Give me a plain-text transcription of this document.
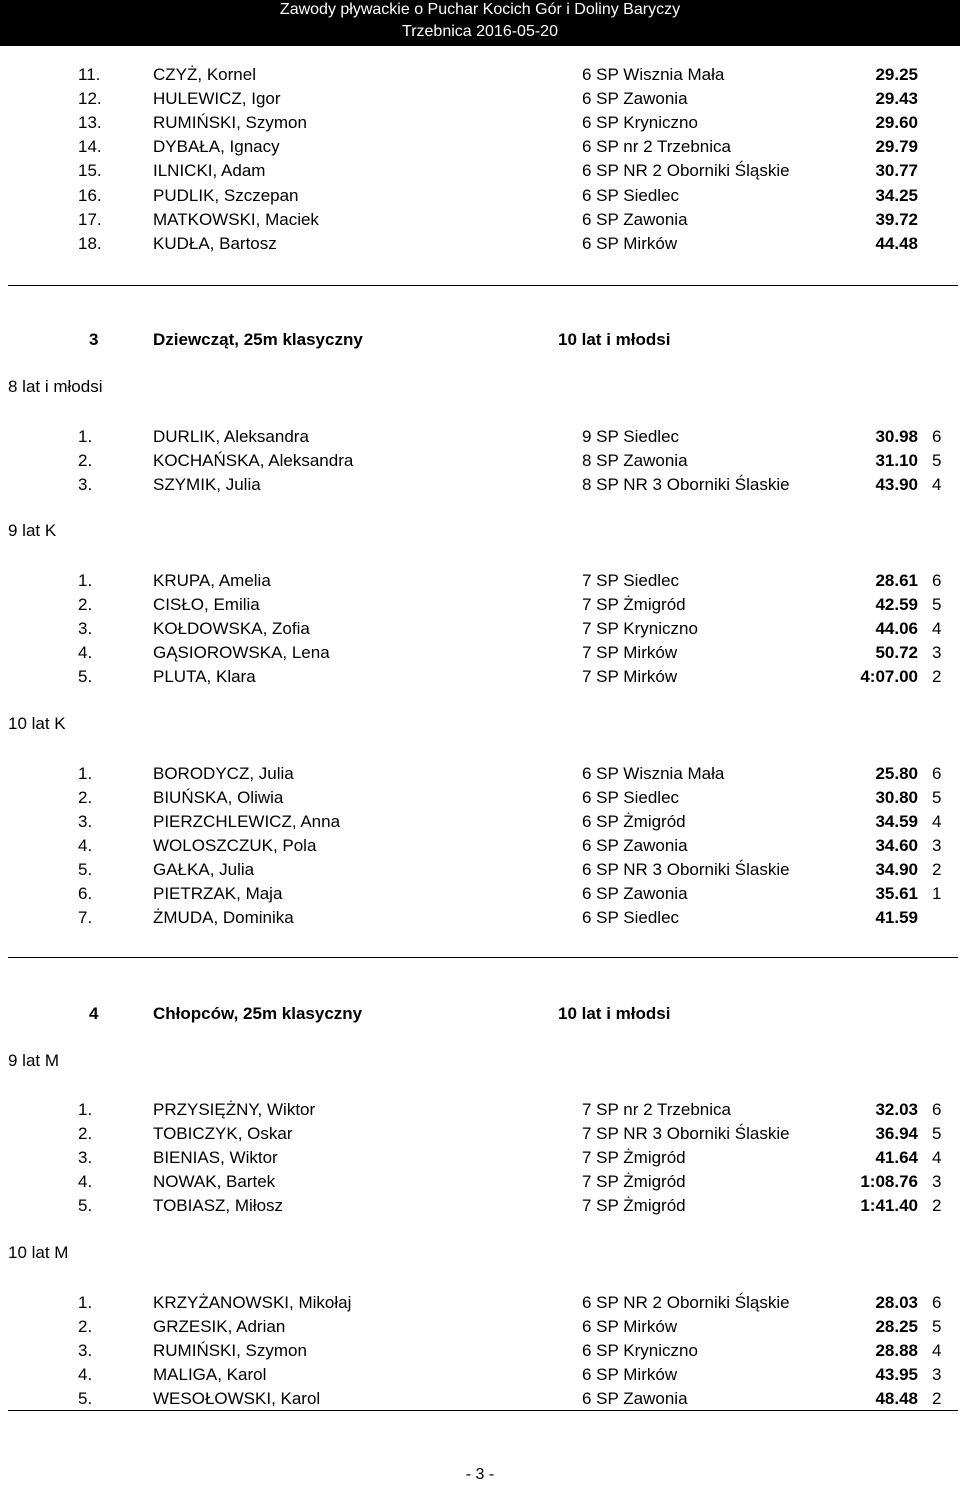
Zawody pływackie o Puchar Kocich Gór i Doliny Baryczy
Trzebnica 2016-05-20
11.	CZYŻ, Kornel	6 SP Wisznia Mała	29.25
12.	HULEWICZ, Igor	6 SP Zawonia	29.43
13.	RUMIŃSKI, Szymon	6 SP Kryniczno	29.60
14.	DYBAŁA, Ignacy	6 SP nr 2 Trzebnica	29.79
15.	ILNICKI, Adam	6 SP NR 2 Oborniki Śląskie	30.77
16.	PUDLIK, Szczepan	6 SP Siedlec	34.25
17.	MATKOWSKI, Maciek	6 SP Zawonia	39.72
18.	KUDŁA, Bartosz	6 SP Mirków	44.48
3	Dziewcząt, 25m klasyczny	10 lat i młodsi
8 lat i młodsi
1.	DURLIK, Aleksandra	9 SP Siedlec	30.98 6
2.	KOCHAŃSKA, Aleksandra	8 SP Zawonia	31.10 5
3.	SZYMIK, Julia	8 SP NR 3 Oborniki Ślaskie	43.90 4
9 lat K
1.	KRUPA, Amelia	7 SP Siedlec	28.61 6
2.	CISŁO, Emilia	7 SP Żmigród	42.59 5
3.	KOŁDOWSKA, Zofia	7 SP Kryniczno	44.06 4
4.	GĄSIOROWSKA, Lena	7 SP Mirków	50.72 3
5.	PLUTA, Klara	7 SP Mirków	4:07.00 2
10 lat K
1.	BORODYCZ, Julia	6 SP Wisznia Mała	25.80 6
2.	BIUŃSKA, Oliwia	6 SP Siedlec	30.80 5
3.	PIERZCHLEWICZ, Anna	6 SP Żmigród	34.59 4
4.	WOLOSZCZUK, Pola	6 SP Zawonia	34.60 3
5.	GAŁKA, Julia	6 SP NR 3 Oborniki Ślaskie	34.90 2
6.	PIETRZAK, Maja	6 SP Zawonia	35.61 1
7.	ŻMUDA, Dominika	6 SP Siedlec	41.59
4	Chłopców, 25m klasyczny	10 lat i młodsi
9 lat M
1.	PRZYSIĘŻNY, Wiktor	7 SP nr 2 Trzebnica	32.03 6
2.	TOBICZYK, Oskar	7 SP NR 3 Oborniki Ślaskie	36.94 5
3.	BIENIAS, Wiktor	7 SP Żmigród	41.64 4
4.	NOWAK, Bartek	7 SP Żmigród	1:08.76 3
5.	TOBIASZ, Miłosz	7 SP Żmigród	1:41.40 2
10 lat M
1.	KRZYŻANOWSKI, Mikołaj	6 SP NR 2 Oborniki Śląskie	28.03 6
2.	GRZESIK, Adrian	6 SP Mirków	28.25 5
3.	RUMIŃSKI, Szymon	6 SP Kryniczno	28.88 4
4.	MALIGA, Karol	6 SP Mirków	43.95 3
5.	WESOŁOWSKI, Karol	6 SP Zawonia	48.48 2
- 3 -
